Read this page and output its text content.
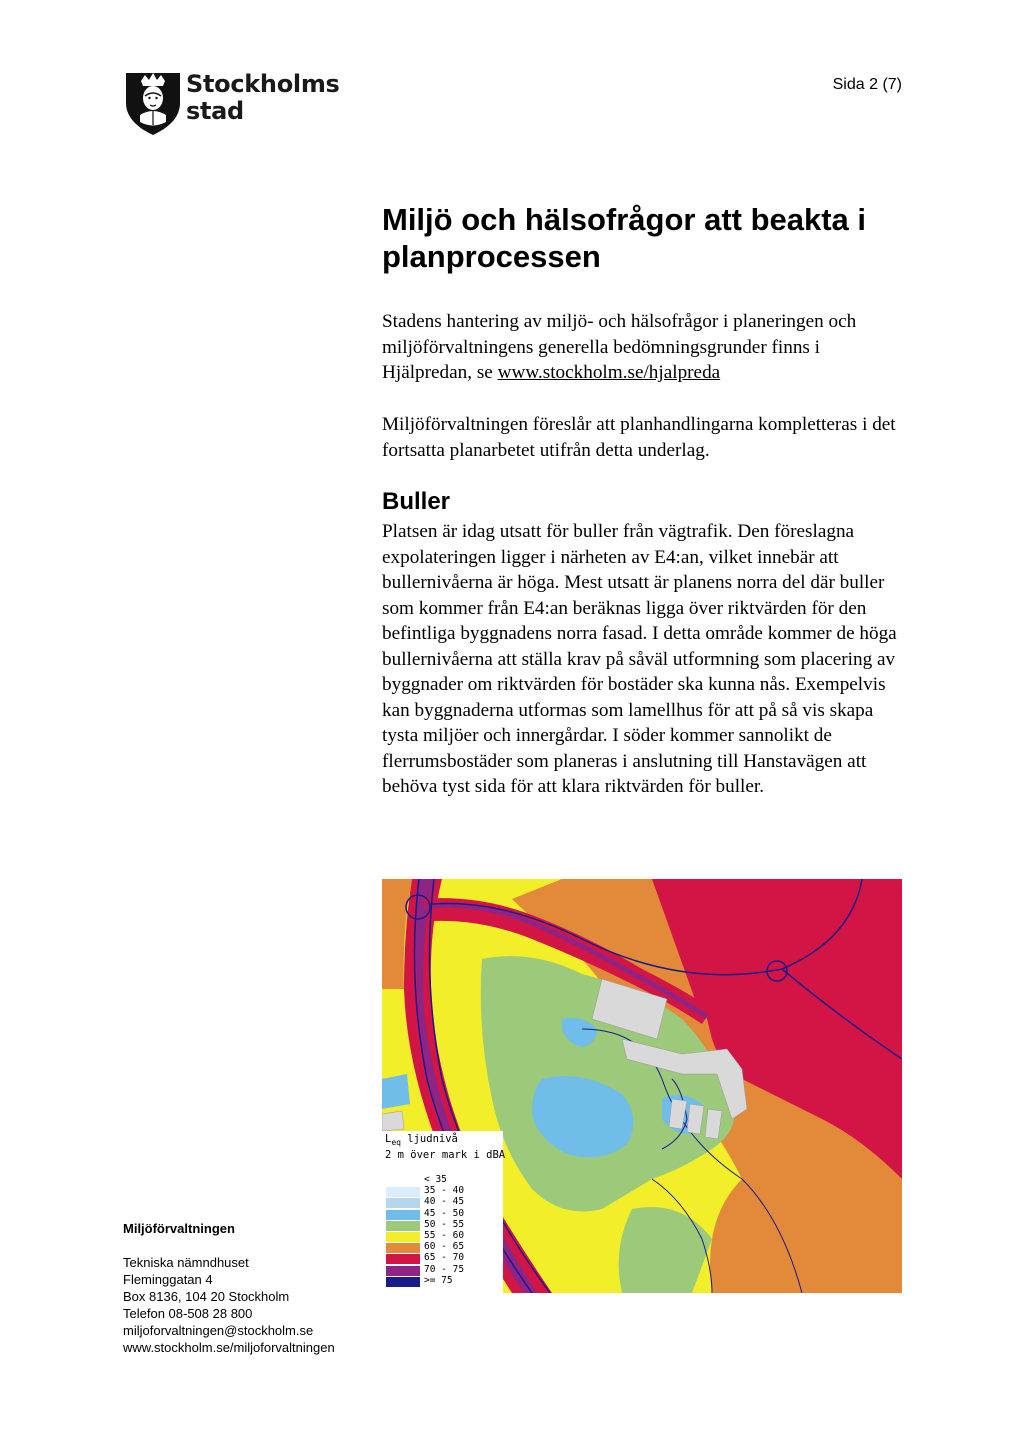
Stockholms
stad
Sida 2 (7)
Miljö och hälsofrågor att beakta i planprocessen

Stadens hantering av miljö- och hälsofrågor i planeringen och miljöförvaltningens generella bedömningsgrunder finns i Hjälpredan, se www.stockholm.se/hjalpreda

Miljöförvaltningen föreslår att planhandlingarna kompletteras i det fortsatta planarbetet utifrån detta underlag.

Buller

Platsen är idag utsatt för buller från vägtrafik. Den föreslagna expolateringen ligger i närheten av E4:an, vilket innebär att bullernivåerna är höga. Mest utsatt är planens norra del där buller som kommer från E4:an beräknas ligga över riktvärden för den befintliga byggnadens norra fasad. I detta område kommer de höga bullernivåerna att ställa krav på såväl utformning som placering av byggnader om riktvärden för bostäder ska kunna nås. Exempelvis kan byggnaderna utformas som lamellhus för att på så vis skapa tysta miljöer och innergårdar. I söder kommer sannolikt de flerrumsbostäder som planeras i anslutning till Hanstavägen att behöva tyst sida för att klara riktvärden för buller.

$L_{eq}$ ljudnivå
2 m över mark i dBA
< 35
35 - 40
40 - 45
45 - 50
50 - 55
55 - 60
60 - 65
65 - 70
70 - 75
>= 75
Miljöförvaltningen
Tekniska nämndhuset
Fleminggatan 4
Box 8136, 104 20 Stockholm
Telefon 08-508 28 800
miljoforvaltningen@stockholm.se
www.stockholm.se/miljoforvaltningen
